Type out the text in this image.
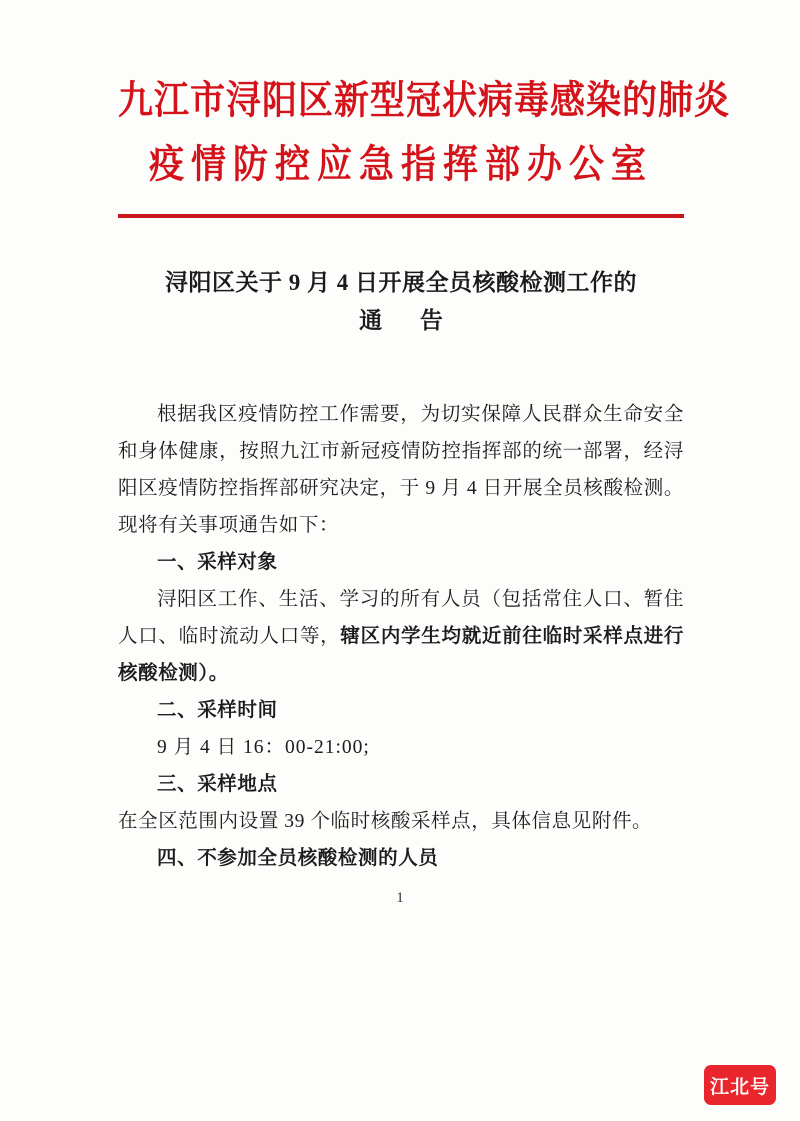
九江市浔阳区新型冠状病毒感染的肺炎
疫情防控应急指挥部办公室
浔阳区关于 9 月 4 日开展全员核酸检测工作的
通 告

根据我区疫情防控工作需要，为切实保障人民群众生命安全和身体健康，按照九江市新冠疫情防控指挥部的统一部署，经浔阳区疫情防控指挥部研究决定，于 9 月 4 日开展全员核酸检测。现将有关事项通告如下：

一、采样对象

浔阳区工作、生活、学习的所有人员（包括常住人口、暂住人口、临时流动人口等，辖区内学生均就近前往临时采样点进行核酸检测）。

二、采样时间

9 月 4 日 16：00-21:00;

三、采样地点

在全区范围内设置 39 个临时核酸采样点，具体信息见附件。

四、不参加全员核酸检测的人员

1
江北号
